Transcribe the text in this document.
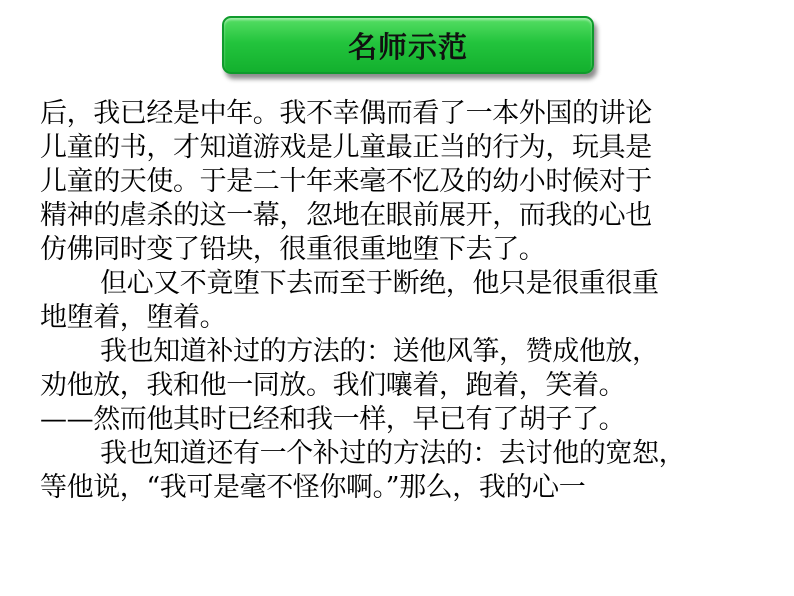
名师示范
后，我已经是中年。我不幸偶而看了一本外国的讲论
儿童的书，才知道游戏是儿童最正当的行为，玩具是
儿童的天使。于是二十年来毫不忆及的幼小时候对于
精神的虐杀的这一幕，忽地在眼前展开，而我的心也
仿佛同时变了铅块，很重很重地堕下去了。
但心又不竟堕下去而至于断绝，他只是很重很重
地堕着，堕着。
我也知道补过的方法的：送他风筝，赞成他放，
劝他放，我和他一同放。我们嚷着，跑着，笑着。
——然而他其时已经和我一样，早已有了胡子了。
我也知道还有一个补过的方法的：去讨他的宽恕，
等他说，“我可是毫不怪你啊。”那么，我的心一
